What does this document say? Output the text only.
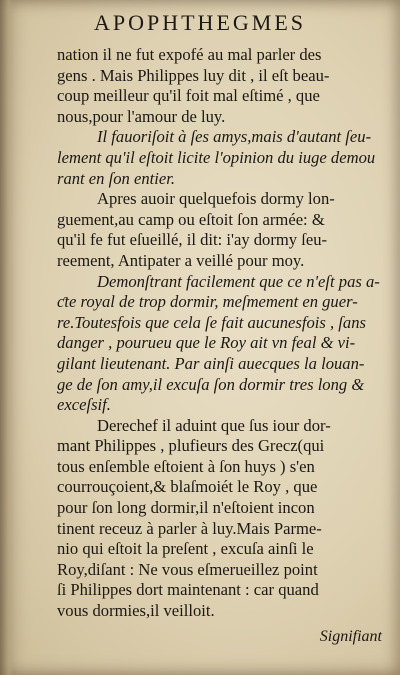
APOPHTHEGMES
nation il ne fut expofé au mal parler des
gens . Mais Philippes luy dit , il eſt beau-
coup meilleur qu'il foit mal eſtimé , que
nous,pour l'amour de luy.
Il fauoriſoit à ſes amys,mais d'autant ſeu-
lement qu'il eſtoit licite l'opinion du iuge demou
rant en ſon entier.
Apres auoir quelquefois dormy lon-
guement,au camp ou eſtoit ſon armée: &
qu'il fe fut eſueillé, il dit: i'ay dormy ſeu-
reement, Antipater a veillé pour moy.
Demonſtrant facilement que ce n'eſt pas a-
ƈte royal de trop dormir, meſmement en guer-
re.Toutesfois que cela ſe fait aucunesfois , ſans
danger , pourueu que le Roy ait vn feal & vi-
gilant lieutenant. Par ainſi auecques la louan-
ge de ſon amy,il excuſa ſon dormir tres long &
exceſsif.
Derechef il aduint que ſus iour dor-
mant Philippes , plufieurs des Grecz(qui
tous enſemble eſtoient à ſon huys ) s'en
courrouçoient,& blaſmoiét le Roy , que
pour ſon long dormir,il n'eſtoient incon
tinent receuz à parler à luy.Mais Parme-
nio qui eſtoit la preſent , excuſa ainſi le
Roy,diſant : Ne vous eſmerueillez point
ſi Philippes dort maintenant : car quand
vous dormies,il veilloit.
Signifiant
